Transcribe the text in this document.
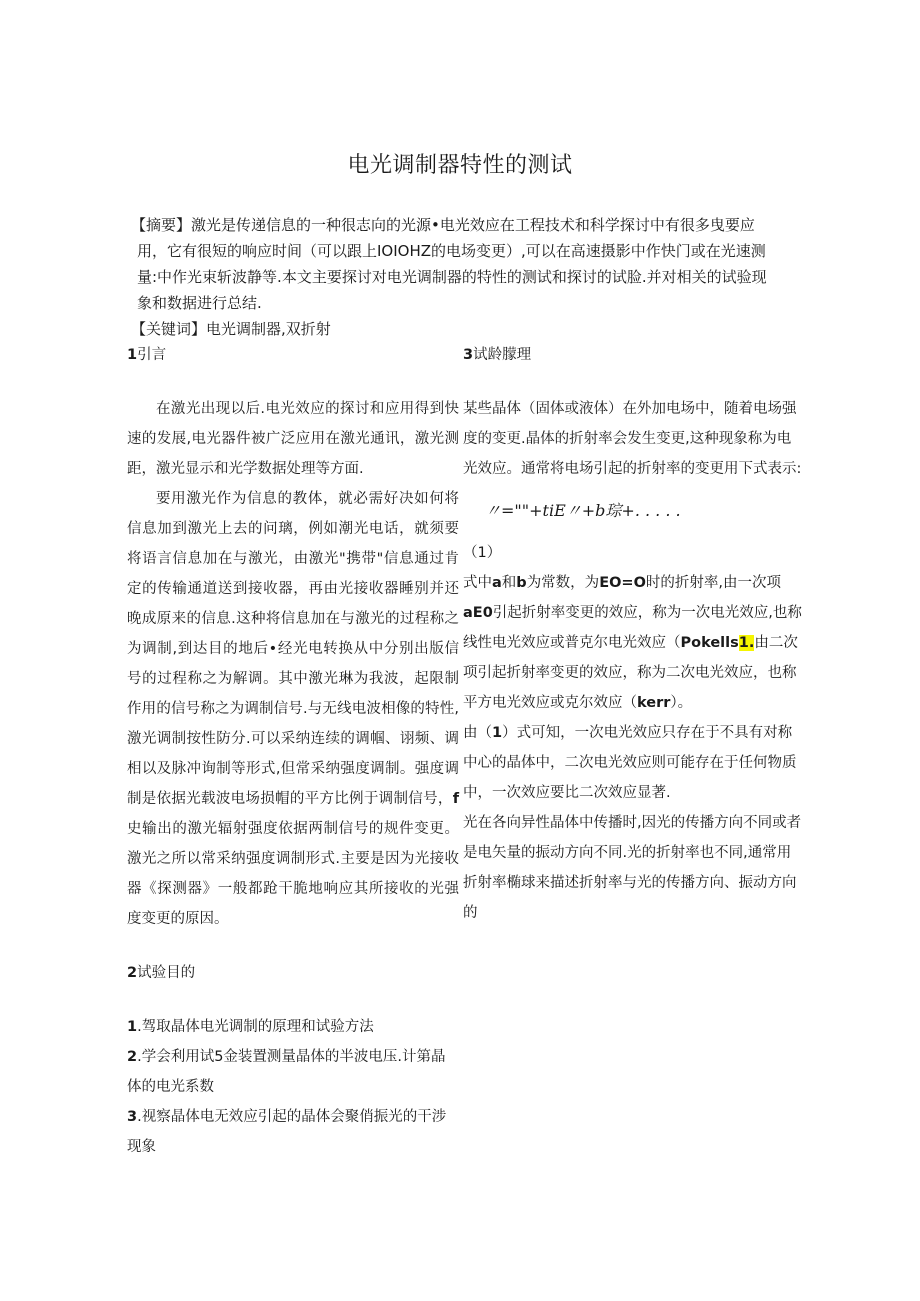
电光调制器特性的测试

【摘要】激光是传递信息的一种很志向的光源•电光效应在工程技术和科学探讨中有很多曳要应

用，它有很短的响应时间（可以跟上IOIOHZ的电场变更）,可以在高速摄影中作快门或在光速测

量:中作光束斩波静等.本文主要探讨对电光调制器的特性的测试和探讨的试脸.并对相关的试验现

象和数据进行总结.

【关键词】电光调制器,双折射

1引言

在激光出现以后.电光效应的探讨和应用得到快速的发展,电光器件被广泛应用在激光通讯，激光测距，激光显示和光学数据处理等方面.

要用激光作为信息的教体，就必需好决如何将信息加到激光上去的问璃，例如潮光电话，就须要将语言信息加在与激光，由激光"携带"信息通过肯定的传输通道送到接收器，再由光接收器睡别并还晚成原来的信息.这种将信息加在与激光的过程称之为调制,到达目的地后•经光电转换从中分别出版信号的过程称之为解调。其中激光琳为我波，起限制作用的信号称之为调制信号.与无线电波相像的特性,激光调制按性防分.可以采纳连续的调帼、诩频、调相以及脉冲询制等形式,但常采纳强度调制。强度调制是依据光载波电场损帽的平方比例于调制信号，f史输出的激光辐射强度依据两制信号的规件变更。激光之所以常采纳强度调制形式.主要是因为光接收器《探测器》一般都跄干脆地响应其所接收的光强度变更的原因。

2试验目的

1.驾取晶体电光调制的原理和试验方法

2.学会利用试5金装置测量晶体的半波电压.计第晶体的电光系数

3.视察晶体电无效应引起的晶体会聚俏振光的干涉现象

3试龄朦理

某些晶体（固体或液体）在外加电场中，随着电场强度的变更.晶体的折射率会发生变更,这种现象称为电光效应。通常将电场引起的折射率的变更用下式表示:

〃=""+tiE〃+b琮+. . . . .

（1）

式中a和b为常数，为EO=O时的折射率,由一次项aE0引起折射率变更的效应，称为一次电光效应,也称线性电光效应或普克尔电光效应（Pokells1.由二次项引起折射率变更的效应，称为二次电光效应，也称平方电光效应或克尔效应（kerr）。

由（1）式可知，一次电光效应只存在于不具有对称中心的晶体中，二次电光效应则可能存在于任何物质中，一次效应要比二次效应显著.

光在各向异性晶体中传播时,因光的传播方向不同或者是电矢量的振动方向不同.光的折射率也不同,通常用折射率椭球来描述折射率与光的传播方向、振动方向的
